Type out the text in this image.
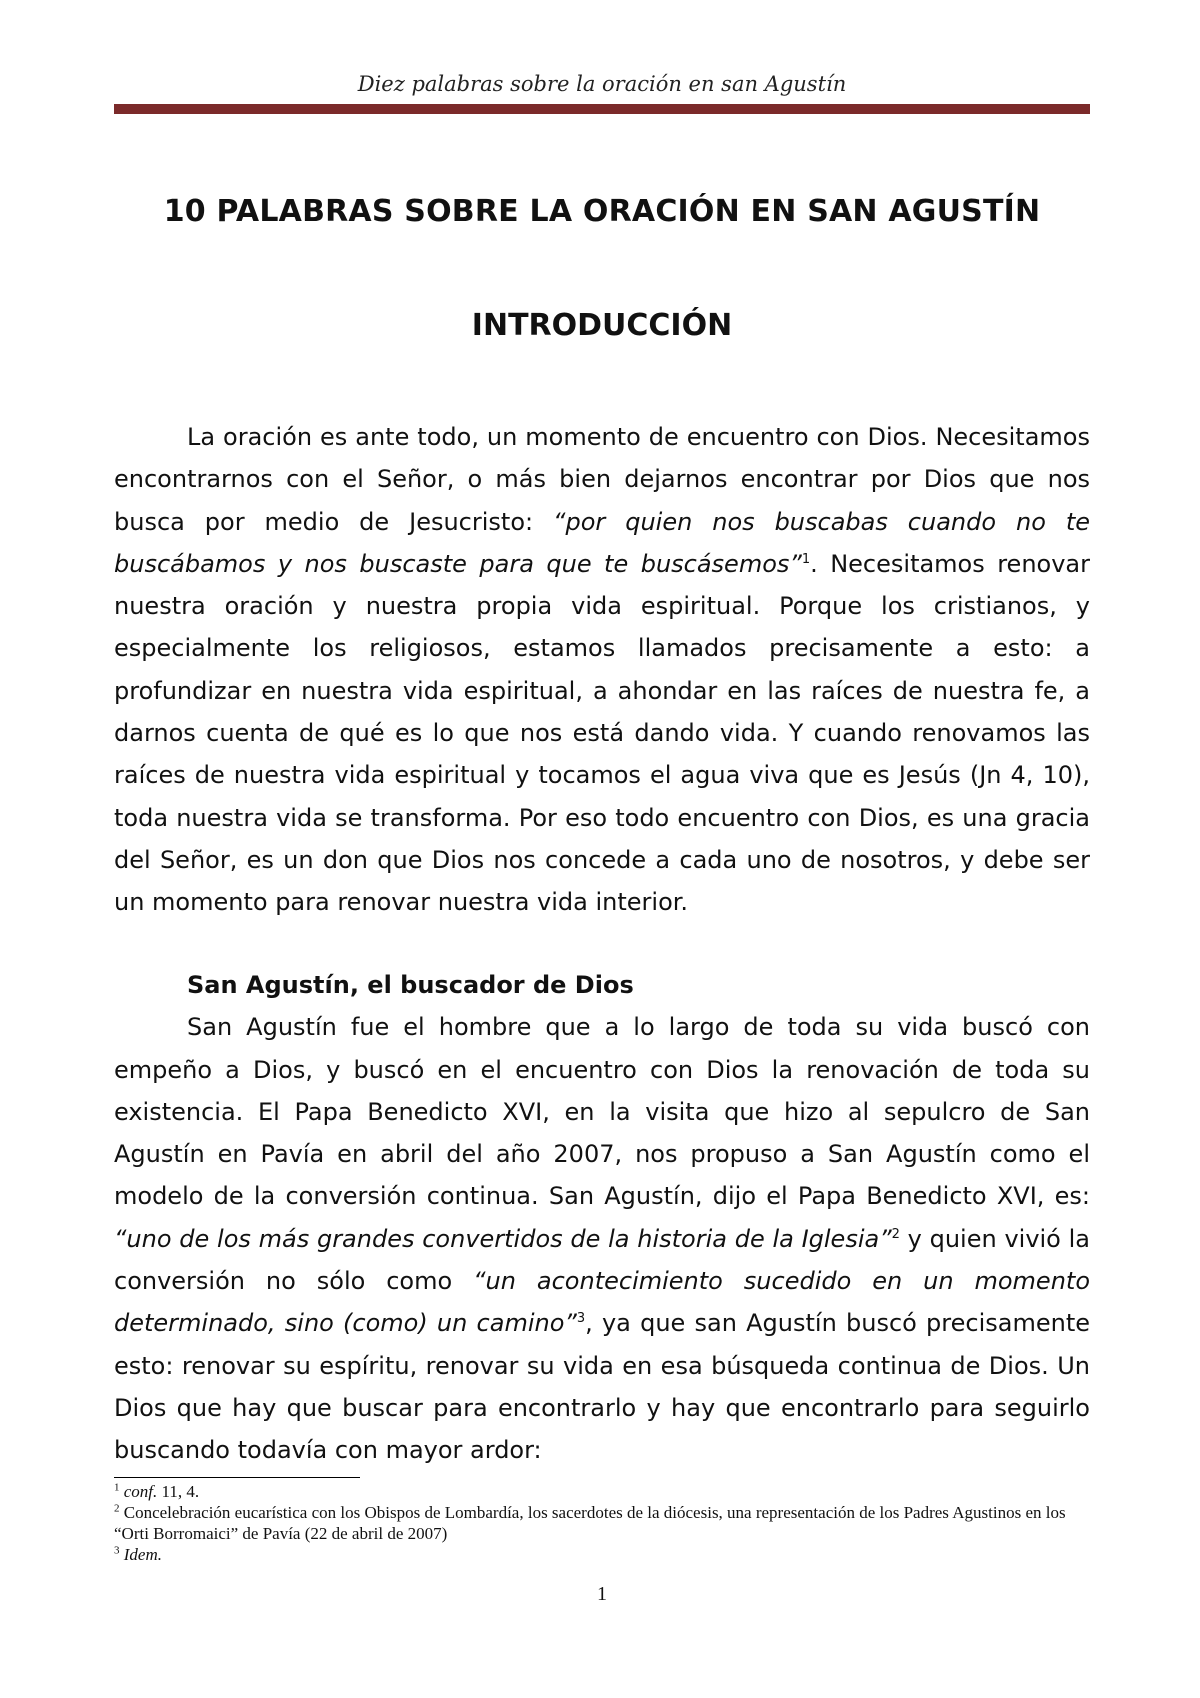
Diez palabras sobre la oración en san Agustín
10 PALABRAS SOBRE LA ORACIÓN EN SAN AGUSTÍN
INTRODUCCIÓN

La oración es ante todo, un momento de encuentro con Dios. Necesitamos encontrarnos con el Señor, o más bien dejarnos encontrar por Dios que nos busca por medio de Jesucristo: “por quien nos buscabas cuando no te buscábamos y nos buscaste para que te buscásemos”$^1$. Necesitamos renovar nuestra oración y nuestra propia vida espiritual. Porque los cristianos, y especialmente los religiosos, estamos llamados precisamente a esto: a profundizar en nuestra vida espiritual, a ahondar en las raíces de nuestra fe, a darnos cuenta de qué es lo que nos está dando vida. Y cuando renovamos las raíces de nuestra vida espiritual y tocamos el agua viva que es Jesús (Jn 4, 10), toda nuestra vida se transforma. Por eso todo encuentro con Dios, es una gracia del Señor, es un don que Dios nos concede a cada uno de nosotros, y debe ser un momento para renovar nuestra vida interior.

San Agustín, el buscador de Dios

San Agustín fue el hombre que a lo largo de toda su vida buscó con empeño a Dios, y buscó en el encuentro con Dios la renovación de toda su existencia. El Papa Benedicto XVI, en la visita que hizo al sepulcro de San Agustín en Pavía en abril del año 2007, nos propuso a San Agustín como el modelo de la conversión continua. San Agustín, dijo el Papa Benedicto XVI, es: “uno de los más grandes convertidos de la historia de la Iglesia”$^2$ y quien vivió la conversión no sólo como “un acontecimiento sucedido en un momento determinado, sino (como) un camino”$^3$, ya que san Agustín buscó precisamente esto: renovar su espíritu, renovar su vida en esa búsqueda continua de Dios. Un Dios que hay que buscar para encontrarlo y hay que encontrarlo para seguirlo buscando todavía con mayor ardor:

$^1$ conf. 11, 4.

$^2$ Concelebración eucarística con los Obispos de Lombardía, los sacerdotes de la diócesis, una representación de los Padres Agustinos en los “Orti Borromaici” de Pavía (22 de abril de 2007)

$^3$ Idem.

1
